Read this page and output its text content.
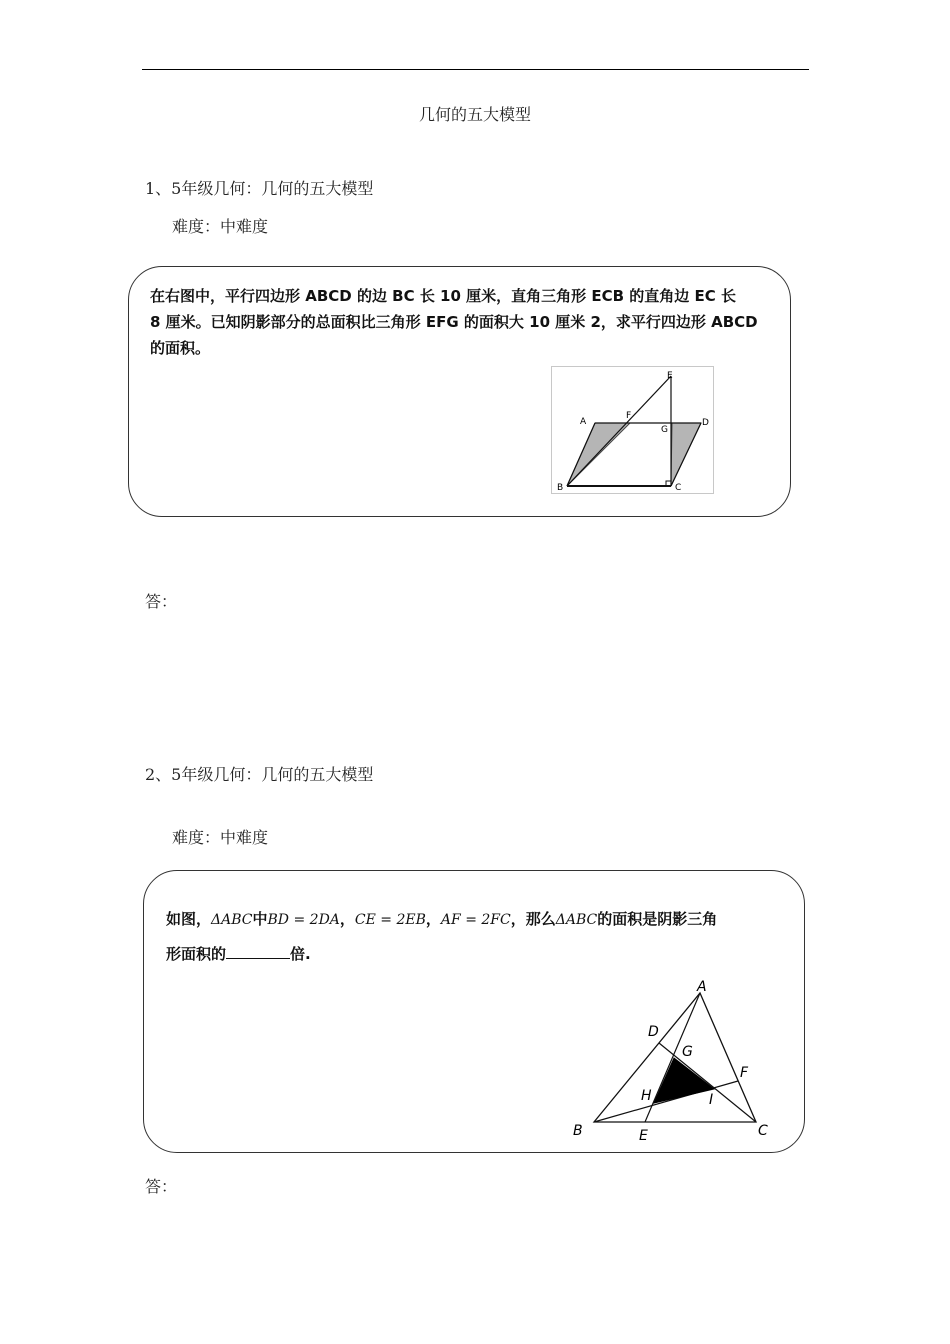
几何的五大模型
1、5年级几何：几何的五大模型
难度：中难度
在右图中，平行四边形 ABCD 的边 BC 长 10 厘米，直角三角形 ECB 的直角边 EC 长
8 厘米。已知阴影部分的总面积比三角形 EFG 的面积大 10 厘米 2，求平行四边形 ABCD
的面积。
E
A
F
G
D
B	C
答：
2、5年级几何：几何的五大模型
难度：中难度
如图，ΔABC中BD = 2DA，CE = 2EB，AF = 2FC，那么ΔABC的面积是阴影三角
形面积的	倍.
A
D
G
F
H	I
B	E	C
答：
